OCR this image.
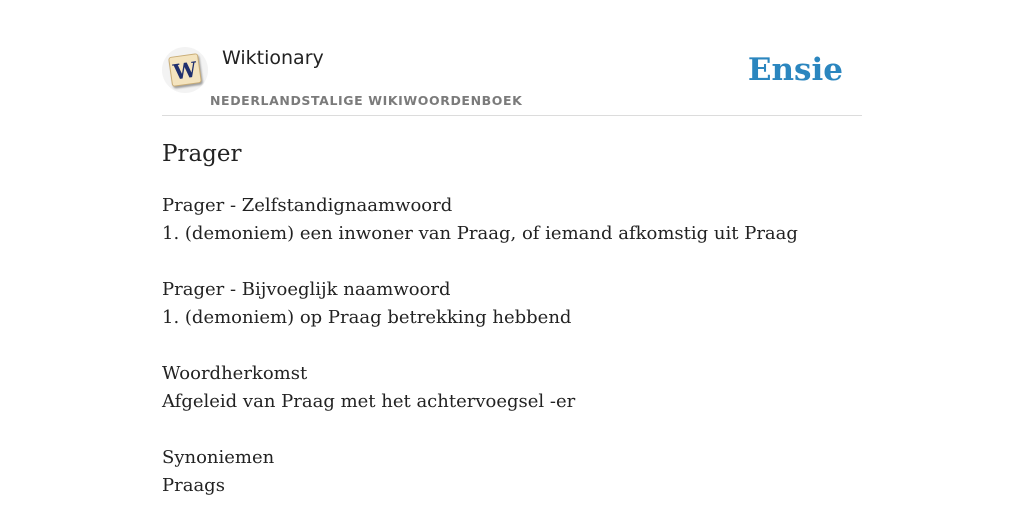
W Wiktionary
NEDERLANDSTALIGE WIKIWOORDENBOEK
Ensie
Prager
Prager - Zelfstandignaamwoord
1. (demoniem) een inwoner van Praag, of iemand afkomstig uit Praag
Prager - Bijvoeglijk naamwoord
1. (demoniem) op Praag betrekking hebbend
Woordherkomst
Afgeleid van Praag met het achtervoegsel -er
Synoniemen
Praags
